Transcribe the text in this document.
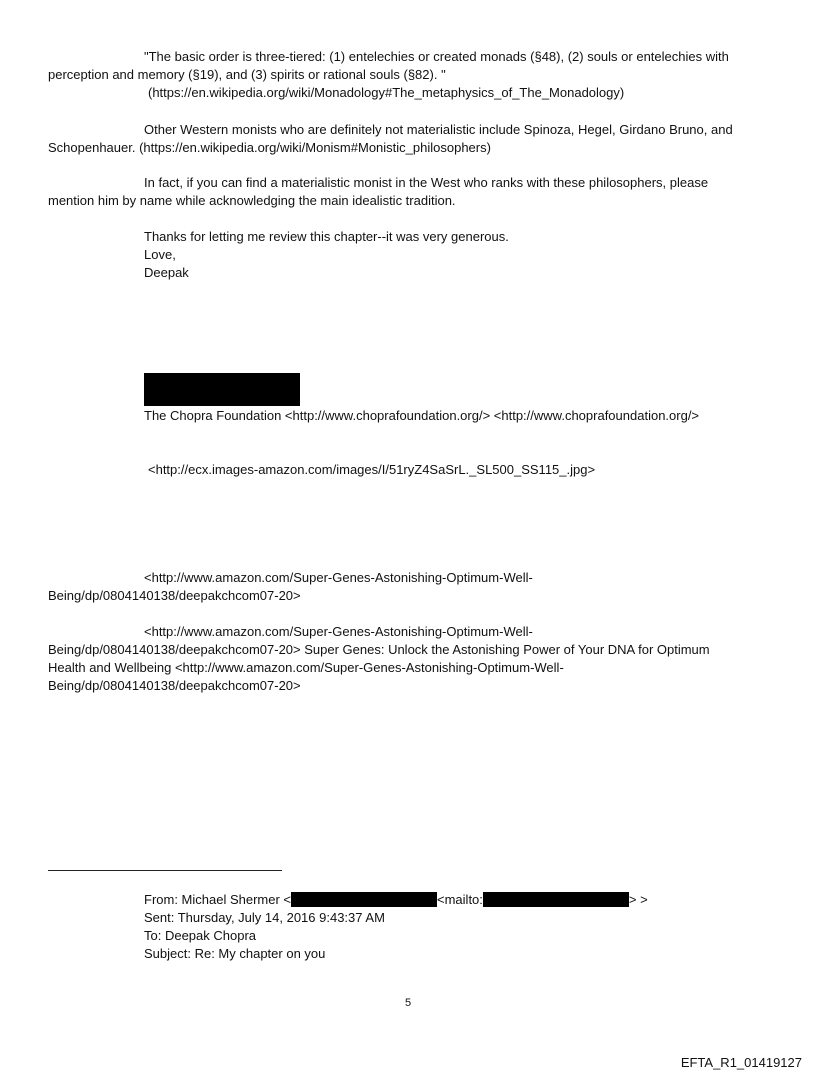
"The basic order is three-tiered: (1) entelechies or created monads (§48), (2) souls or entelechies with
perception and memory (§19), and (3) spirits or rational souls (§82). "
(https://en.wikipedia.org/wiki/Monadology#The_metaphysics_of_The_Monadology)
Other Western monists who are definitely not materialistic include Spinoza, Hegel, Girdano Bruno, and
Schopenhauer. (https://en.wikipedia.org/wiki/Monism#Monistic_philosophers)
In fact, if you can find a materialistic monist in the West who ranks with these philosophers, please
mention him by name while acknowledging the main idealistic tradition.
Thanks for letting me review this chapter--it was very generous.
Love,
Deepak
The Chopra Foundation <http://www.choprafoundation.org/> <http://www.choprafoundation.org/>
<http://ecx.images-amazon.com/images/I/51ryZ4SaSrL._SL500_SS115_.jpg>
<http://www.amazon.com/Super-Genes-Astonishing-Optimum-Well-
Being/dp/0804140138/deepakchcom07-20>
<http://www.amazon.com/Super-Genes-Astonishing-Optimum-Well-
Being/dp/0804140138/deepakchcom07-20> Super Genes: Unlock the Astonishing Power of Your DNA for Optimum
Health and Wellbeing <http://www.amazon.com/Super-Genes-Astonishing-Optimum-Well-
Being/dp/0804140138/deepakchcom07-20>
From: Michael Shermer <	<mailto:	> >
Sent: Thursday, July 14, 2016 9:43:37 AM
To: Deepak Chopra
Subject: Re: My chapter on you
5
EFTA_R1_01419127
